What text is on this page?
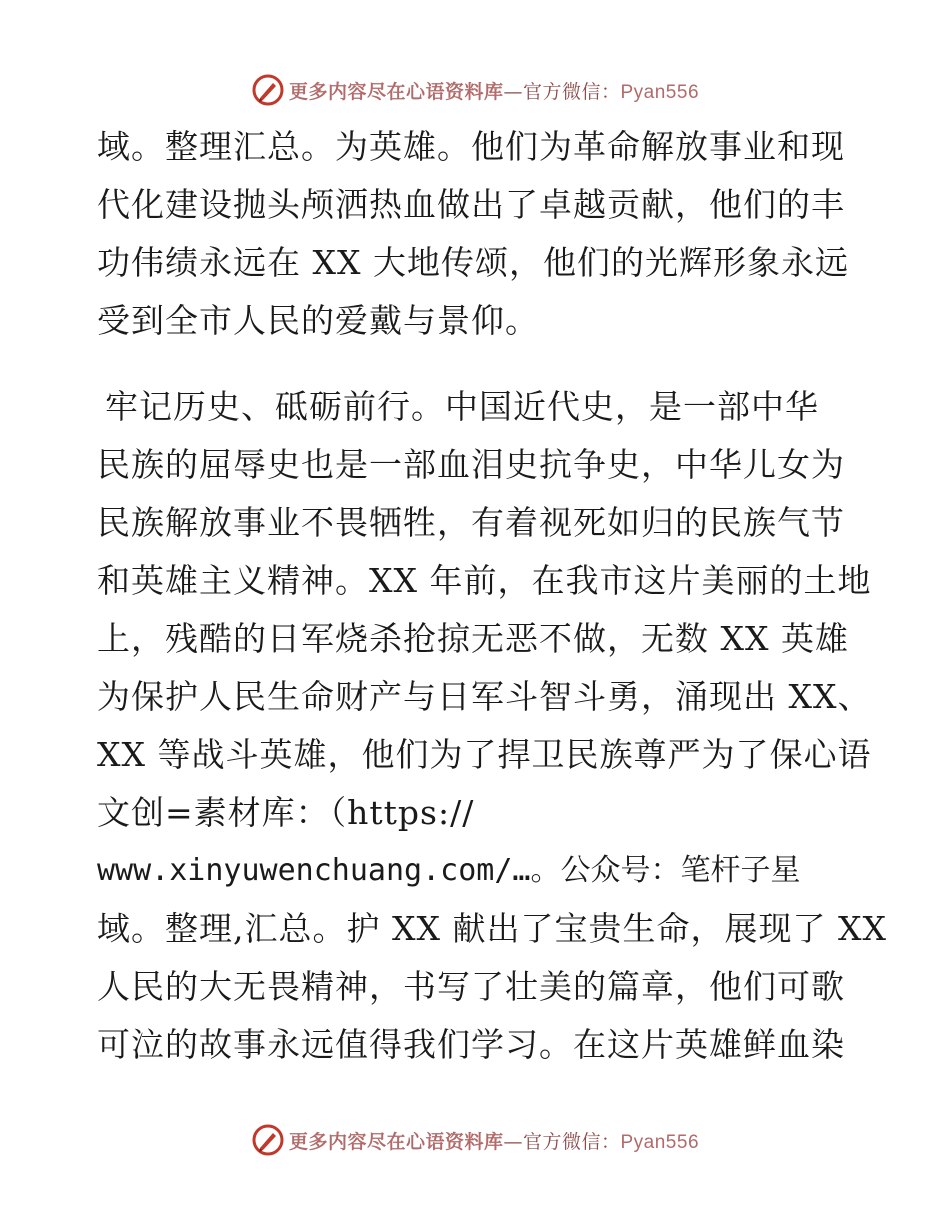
更多内容尽在心语资料库—官方微信：Pyan556
域。整理汇总。为英雄。他们为革命解放事业和现
代化建设抛头颅洒热血做出了卓越贡献，他们的丰
功伟绩永远在 XX 大地传颂，他们的光辉形象永远
受到全市人民的爱戴与景仰。
牢记历史、砥砺前行。中国近代史，是一部中华
民族的屈辱史也是一部血泪史抗争史，中华儿女为
民族解放事业不畏牺牲，有着视死如归的民族气节
和英雄主义精神。XX 年前，在我市这片美丽的土地
上，残酷的日军烧杀抢掠无恶不做，无数 XX 英雄
为保护人民生命财产与日军斗智斗勇，涌现出 XX、
XX 等战斗英雄，他们为了捍卫民族尊严为了保心语
文创=素材库：（https://
www.xinyuwenchuang.com/…。公众号：笔杆子星
域。整理,汇总。护 XX 献出了宝贵生命，展现了 XX
人民的大无畏精神，书写了壮美的篇章，他们可歌
可泣的故事永远值得我们学习。在这片英雄鲜血染
更多内容尽在心语资料库—官方微信：Pyan556
